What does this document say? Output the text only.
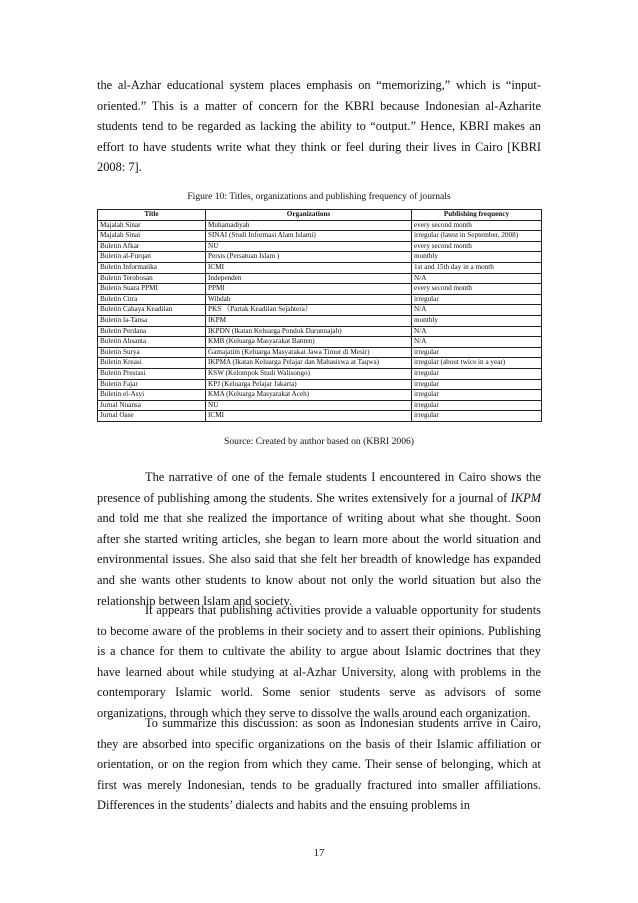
the al-Azhar educational system places emphasis on “memorizing,” which is “input-oriented.” This is a matter of concern for the KBRI because Indonesian al-Azharite students tend to be regarded as lacking the ability to “output.” Hence, KBRI makes an effort to have students write what they think or feel during their lives in Cairo [KBRI 2008: 7].

Figure 10: Titles, organizations and publishing frequency of journals
Title	Organizations	Publishing frequency
Majalah Sinar	Muhamadiyah	every second month
Majalah Sinai	SINAI (Studi Informasi Alam Islami)	irregular (latest in September, 2008)
Buletin Afkar	NU	every second month
Buletin al-Furqan	Persis (Persatuan Islam )	monthly
Buletin Informatika	ICMI	1st and 15th day in a month
Buletin Terobosan	Independen	N/A
Buletin Suara PPMI	PPMI	every second month
Buletin Citra	Wihdah	irregular
Buletin Cahaya Keadilan	PKS （Partak Keadilan Sejahtera）	N/A
Buletin la-Tansa	IKPM	monthly
Buletin Perdana	IKPDN (Ikatan Keluarga Pondok Darunnajah)	N/A
Buletin Ahsanta	KMB (Keluarga Masyarakat Banten)	N/A
Buletin Surya	Gamajatim (Keluarga Masyarakat Jawa Timur di Mesir)	irregular
Buletin Kreasi	IKPMA (Ikatan Keluarga Pelajar dan Mahasiswa at Taqwa)	irregular (about twice in a year)
Buletin Prestasi	KSW (Kelompok Studi Walisongo)	irregular
Buletin Fajar	KPJ (Keluarga Pelajar Jakarta)	irregular
Buletin el-Asyi	KMA (Keluarga Masyarakat Aceh)	irregular
Jurnal Nuansa	NU	irregular
Jurnal Oase	ICMI	irregular
Source: Created by author based on (KBRI 2006)

The narrative of one of the female students I encountered in Cairo shows the presence of publishing among the students. She writes extensively for a journal of IKPM and told me that she realized the importance of writing about what she thought. Soon after she started writing articles, she began to learn more about the world situation and environmental issues. She also said that she felt her breadth of knowledge has expanded and she wants other students to know about not only the world situation but also the relationship between Islam and society.

It appears that publishing activities provide a valuable opportunity for students to become aware of the problems in their society and to assert their opinions. Publishing is a chance for them to cultivate the ability to argue about Islamic doctrines that they have learned about while studying at al-Azhar University, along with problems in the contemporary Islamic world. Some senior students serve as advisors of some organizations, through which they serve to dissolve the walls around each organization.

To summarize this discussion: as soon as Indonesian students arrive in Cairo, they are absorbed into specific organizations on the basis of their Islamic affiliation or orientation, or on the region from which they came. Their sense of belonging, which at first was merely Indonesian, tends to be gradually fractured into smaller affiliations. Differences in the students’ dialects and habits and the ensuing problems in

17
